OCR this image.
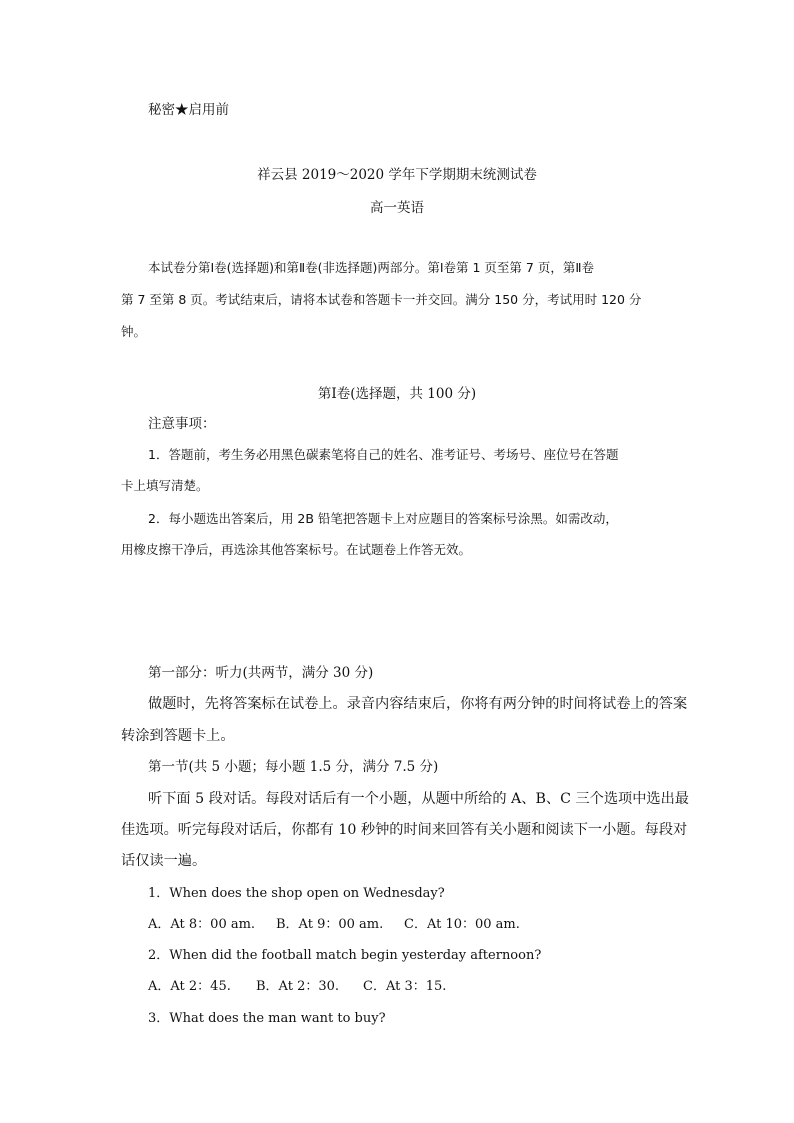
秘密★启用前
祥云县 2019～2020 学年下学期期末统测试卷
高一英语
本试卷分第Ⅰ卷(选择题)和第Ⅱ卷(非选择题)两部分。第Ⅰ卷第 1 页至第 7 页，第Ⅱ卷
第 7 至第 8 页。考试结束后，请将本试卷和答题卡一并交回。满分 150 分，考试用时 120 分
钟。
第Ⅰ卷(选择题，共 100 分)
注意事项：
1．答题前，考生务必用黑色碳素笔将自己的姓名、准考证号、考场号、座位号在答题
卡上填写清楚。
2．每小题选出答案后，用 2B 铅笔把答题卡上对应题目的答案标号涂黑。如需改动，
用橡皮擦干净后，再选涂其他答案标号。在试题卷上作答无效。
第一部分：听力(共两节，满分 30 分)
做题时，先将答案标在试卷上。录音内容结束后，你将有两分钟的时间将试卷上的答案
转涂到答题卡上。
第一节(共 5 小题；每小题 1.5 分，满分 7.5 分)
听下面 5 段对话。每段对话后有一个小题，从题中所给的 A、B、C 三个选项中选出最
佳选项。听完每段对话后，你都有 10 秒钟的时间来回答有关小题和阅读下一小题。每段对
话仅读一遍。
1．When does the shop open on Wednesday?
A．At 8：00 am. B．At 9：00 am. C．At 10：00 am.
2．When did the football match begin yesterday afternoon?
A．At 2：45. B．At 2：30. C．At 3：15.
3．What does the man want to buy?
